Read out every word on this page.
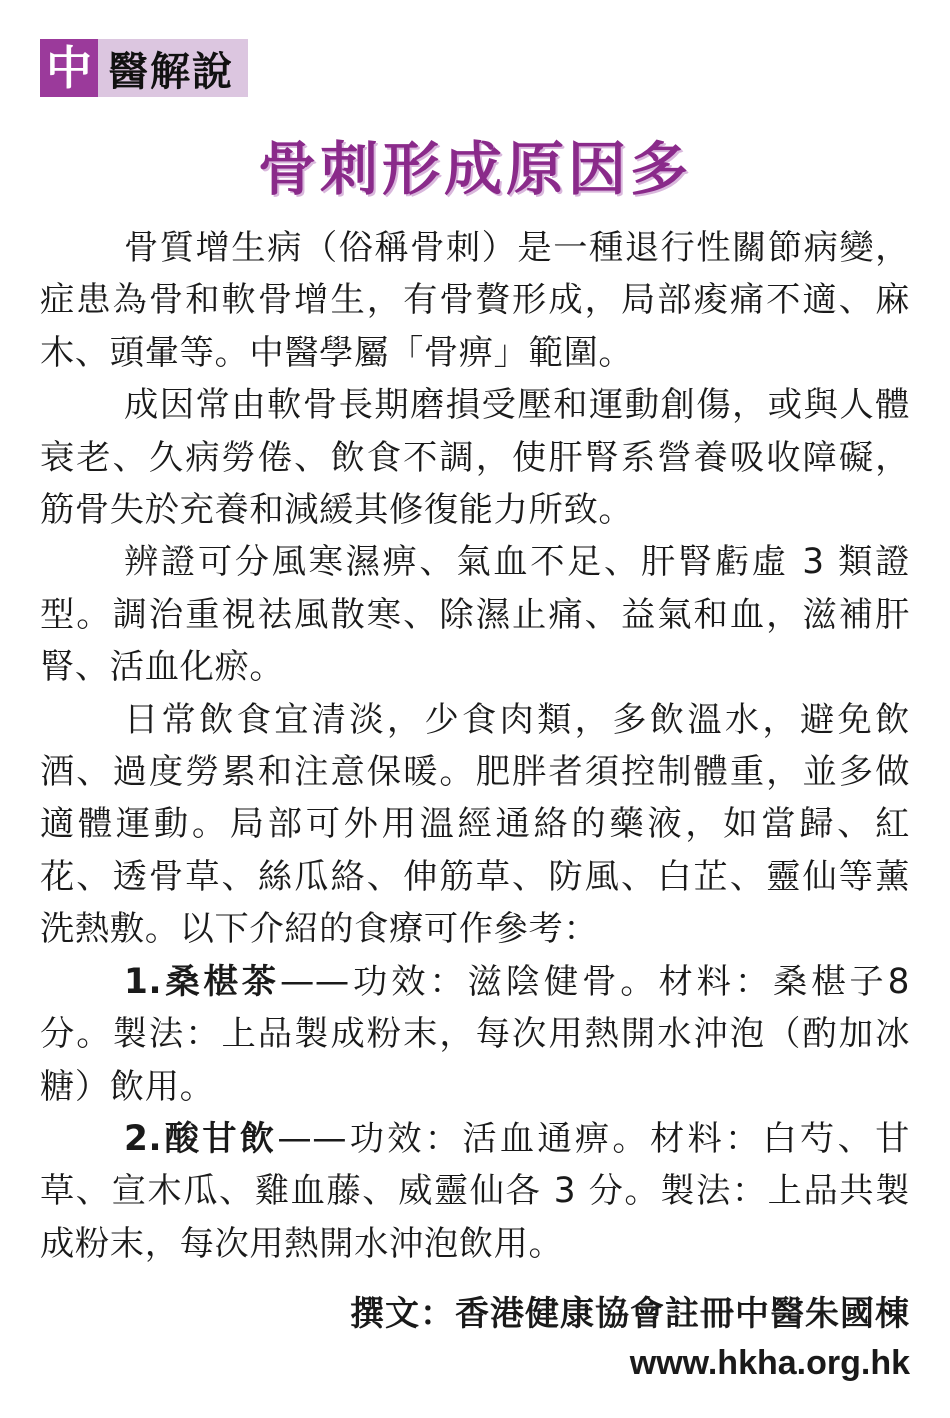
中 醫解說
骨刺形成原因多

骨質增生病（俗稱骨刺）是一種退行性關節病變，症患為骨和軟骨增生，有骨贅形成，局部痠痛不適、麻木、頭暈等。中醫學屬「骨痹」範圍。

成因常由軟骨長期磨損受壓和運動創傷，或與人體衰老、久病勞倦、飲食不調，使肝腎系營養吸收障礙，筋骨失於充養和減緩其修復能力所致。

辨證可分風寒濕痹、氣血不足、肝腎虧虛 3 類證型。調治重視祛風散寒、除濕止痛、益氣和血，滋補肝腎、活血化瘀。

日常飲食宜清淡，少食肉類，多飲溫水，避免飲酒、過度勞累和注意保暖。肥胖者須控制體重，並多做適體運動。局部可外用溫經通絡的藥液，如當歸、紅花、透骨草、絲瓜絡、伸筋草、防風、白芷、靈仙等薰洗熱敷。以下介紹的食療可作參考：

1.桑椹茶——功效：滋陰健骨。材料：桑椹子8分。製法：上品製成粉末，每次用熱開水沖泡（酌加冰糖）飲用。

2.酸甘飲——功效：活血通痹。材料：白芍、甘草、宣木瓜、雞血藤、威靈仙各 3 分。製法：上品共製成粉末，每次用熱開水沖泡飲用。

撰文：香港健康協會註冊中醫朱國棟
www.hkha.org.hk
